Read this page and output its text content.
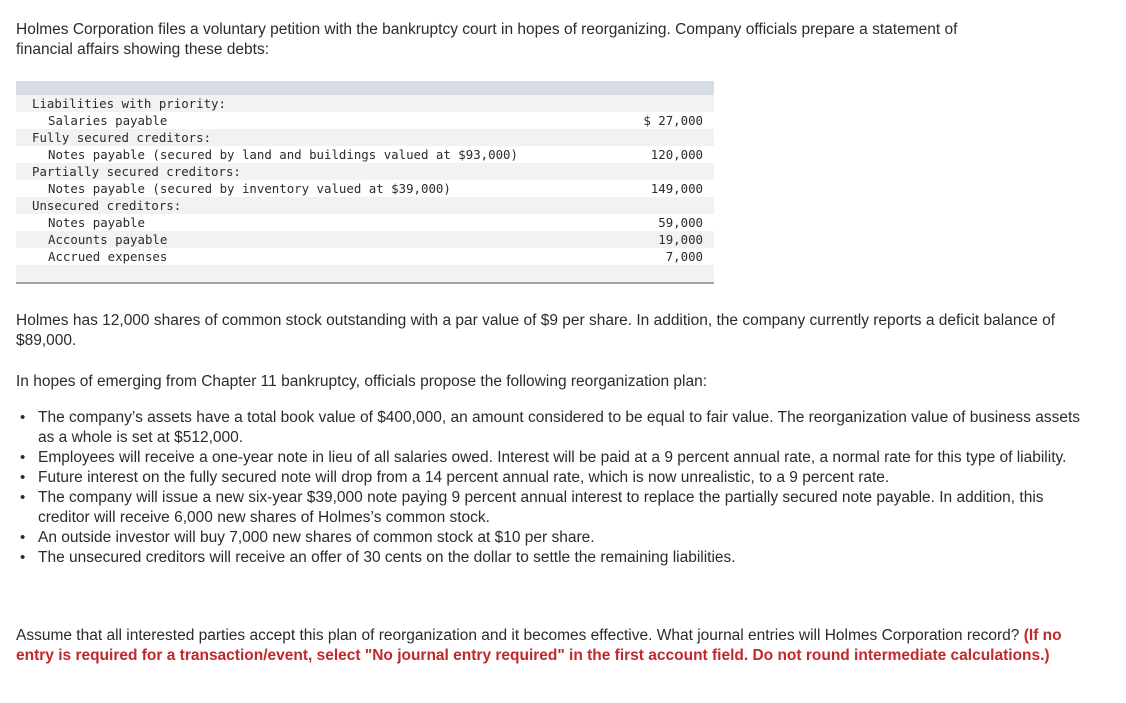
Holmes Corporation files a voluntary petition with the bankruptcy court in hopes of reorganizing. Company officials prepare a statement of financial affairs showing these debts:

Liabilities with priority:	
Salaries payable	$ 27,000
Fully secured creditors:	
Notes payable (secured by land and buildings valued at $93,000)	120,000
Partially secured creditors:	
Notes payable (secured by inventory valued at $39,000)	149,000
Unsecured creditors:	
Notes payable	59,000
Accounts payable	19,000
Accrued expenses	7,000

Holmes has 12,000 shares of common stock outstanding with a par value of $9 per share. In addition, the company currently reports a deficit balance of $89,000.

In hopes of emerging from Chapter 11 bankruptcy, officials propose the following reorganization plan:

• The company’s assets have a total book value of $400,000, an amount considered to be equal to fair value. The reorganization value of business assets as a whole is set at $512,000.
• Employees will receive a one-year note in lieu of all salaries owed. Interest will be paid at a 9 percent annual rate, a normal rate for this type of liability.
• Future interest on the fully secured note will drop from a 14 percent annual rate, which is now unrealistic, to a 9 percent rate.
• The company will issue a new six-year $39,000 note paying 9 percent annual interest to replace the partially secured note payable. In addition, this creditor will receive 6,000 new shares of Holmes’s common stock.
• An outside investor will buy 7,000 new shares of common stock at $10 per share.
• The unsecured creditors will receive an offer of 30 cents on the dollar to settle the remaining liabilities.

Assume that all interested parties accept this plan of reorganization and it becomes effective. What journal entries will Holmes Corporation record? (If no entry is required for a transaction/event, select "No journal entry required" in the first account field. Do not round intermediate calculations.)
